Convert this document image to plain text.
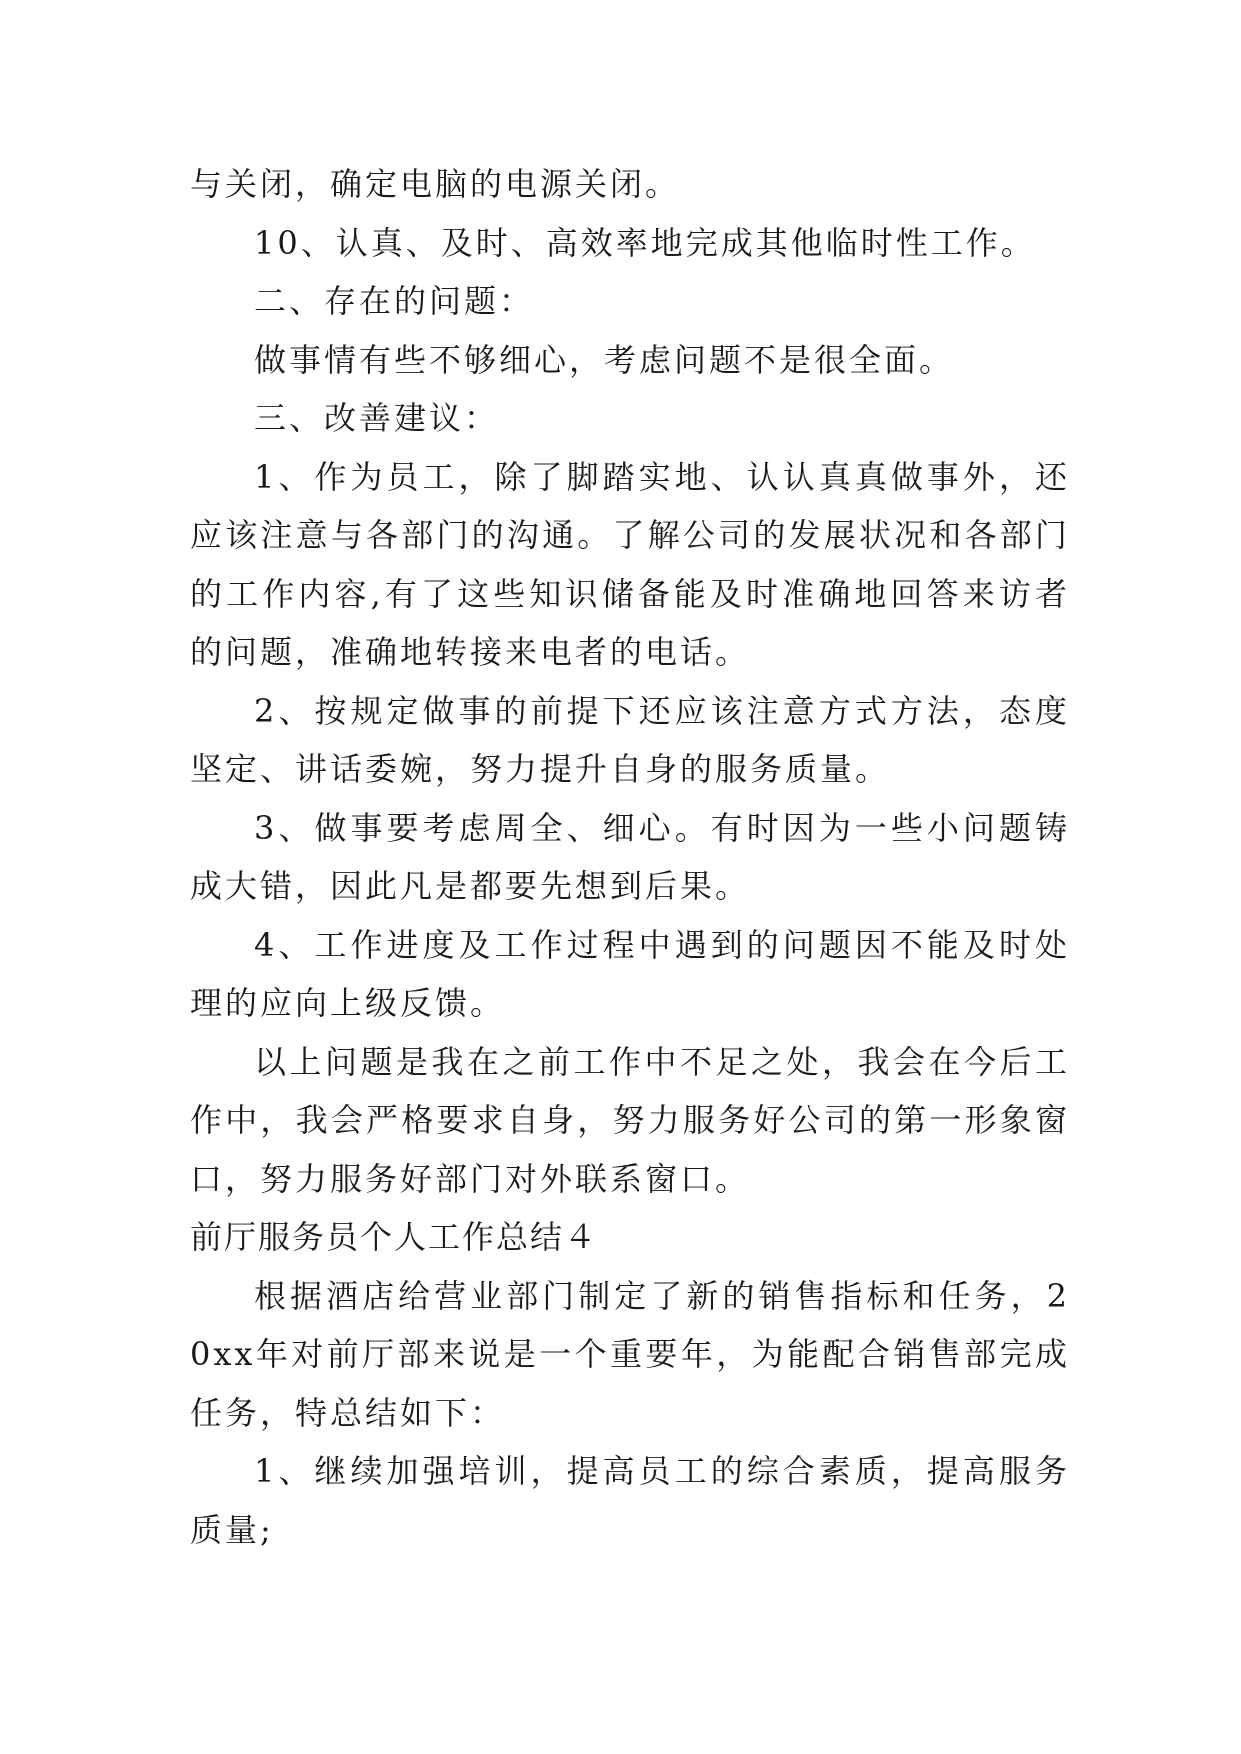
与关闭，确定电脑的电源关闭。

10、认真、及时、高效率地完成其他临时性工作。

二、存在的问题：

做事情有些不够细心，考虑问题不是很全面。

三、改善建议：

1、作为员工，除了脚踏实地、认认真真做事外，还应该注意与各部门的沟通。了解公司的发展状况和各部门的工作内容,有了这些知识储备能及时准确地回答来访者的问题，准确地转接来电者的电话。

2、按规定做事的前提下还应该注意方式方法，态度坚定、讲话委婉，努力提升自身的服务质量。

3、做事要考虑周全、细心。有时因为一些小问题铸成大错，因此凡是都要先想到后果。

4、工作进度及工作过程中遇到的问题因不能及时处理的应向上级反馈。

以上问题是我在之前工作中不足之处，我会在今后工作中，我会严格要求自身，努力服务好公司的第一形象窗口，努力服务好部门对外联系窗口。

前厅服务员个人工作总结４

根据酒店给营业部门制定了新的销售指标和任务，20xx年对前厅部来说是一个重要年，为能配合销售部完成任务，特总结如下：

1、继续加强培训，提高员工的综合素质，提高服务质量;
